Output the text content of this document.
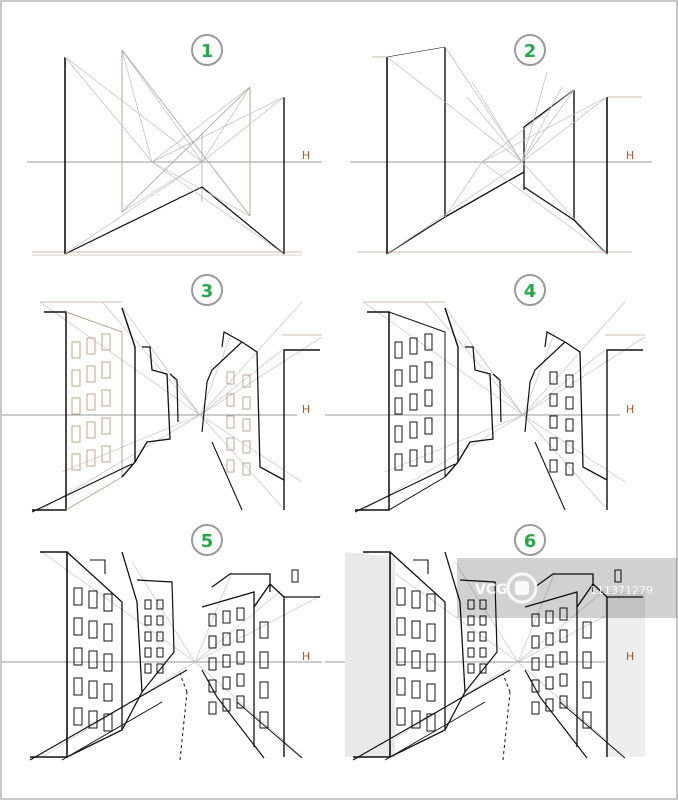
1	2
3	4
5	6
H	H
H	H
H	H
VCG	111371279
